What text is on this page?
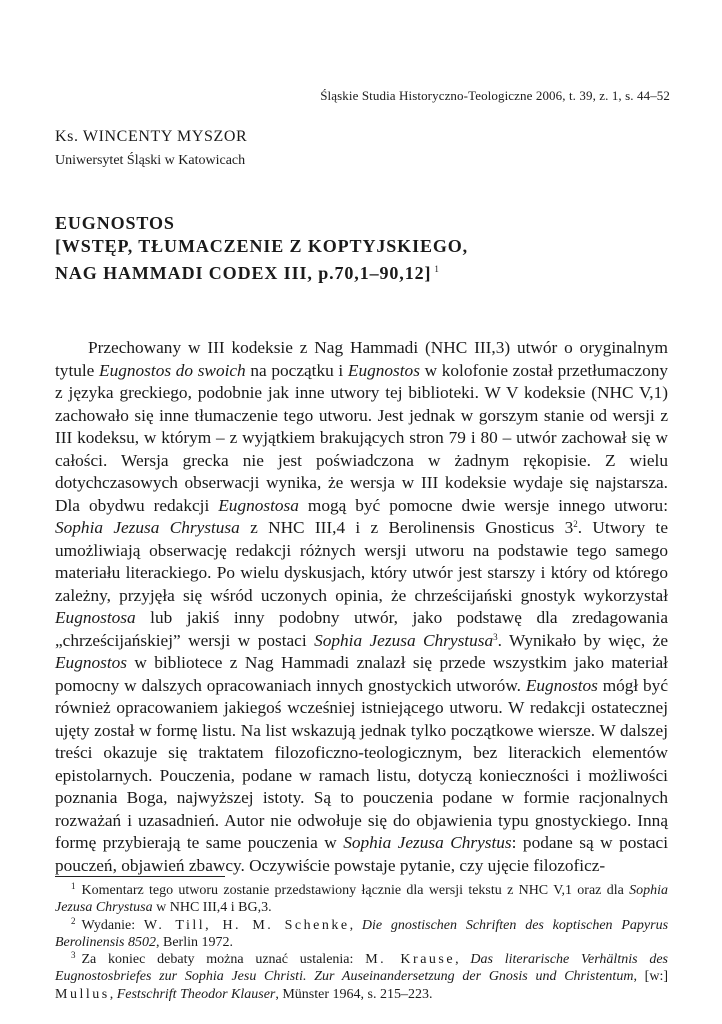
Śląskie Studia Historyczno-Teologiczne 2006, t. 39, z. 1, s. 44–52
Ks. WINCENTY MYSZOR
Uniwersytet Śląski w Katowicach
EUGNOSTOS
[WSTĘP, TŁUMACZENIE Z KOPTYJSKIEGO,
NAG HAMMADI CODEX III, p.70,1–90,12] $^1$

Przechowany w III kodeksie z Nag Hammadi (NHC III,3) utwór o oryginalnym tytule Eugnostos do swoich na początku i Eugnostos w kolofonie został przetłumaczony z języka greckiego, podobnie jak inne utwory tej biblioteki. W V kodeksie (NHC V,1) zachowało się inne tłumaczenie tego utworu. Jest jednak w gorszym stanie od wersji z III kodeksu, w którym – z wyjątkiem brakujących stron 79 i 80 – utwór zachował się w całości. Wersja grecka nie jest poświadczona w żadnym rękopisie. Z wielu dotychczasowych obserwacji wynika, że wersja w III kodeksie wydaje się najstarsza. Dla obydwu redakcji Eugnostosa mogą być pomocne dwie wersje innego utworu: Sophia Jezusa Chrystusa z NHC III,4 i z Berolinensis Gnosticus $3^2$. Utwory te umożliwiają obserwację redakcji różnych wersji utworu na podstawie tego samego materiału literackiego. Po wielu dyskusjach, który utwór jest starszy i który od którego zależny, przyjęła się wśród uczonych opinia, że chrześcijański gnostyk wykorzystał Eugnostosa lub jakiś inny podobny utwór, jako podstawę dla zredagowania „chrześcijańskiej” wersji w postaci Sophia Jezusa Chrystusa$^3$. Wynikało by więc, że Eugnostos w bibliotece z Nag Hammadi znalazł się przede wszystkim jako materiał pomocny w dalszych opracowaniach innych gnostyckich utworów. Eugnostos mógł być również opracowaniem jakiegoś wcześniej istniejącego utworu. W redakcji ostatecznej ujęty został w formę listu. Na list wskazują jednak tylko początkowe wiersze. W dalszej treści okazuje się traktatem filozoficzno-teologicznym, bez literackich elementów epistolarnych. Pouczenia, podane w ramach listu, dotyczą konieczności i możliwości poznania Boga, najwyższej istoty. Są to pouczenia podane w formie racjonalnych rozważań i uzasadnień. Autor nie odwołuje się do objawienia typu gnostyckiego. Inną formę przybierają te same pouczenia w Sophia Jezusa Chrystus: podane są w postaci pouczeń, objawień zbawcy. Oczywiście powstaje pytanie, czy ujęcie filozoficz-

$^1$ Komentarz tego utworu zostanie przedstawiony łącznie dla wersji tekstu z NHC V,1 oraz dla Sophia Jezusa Chrystusa w NHC III,4 i BG,3.
$^2$ Wydanie: W. Till, H. M. Schenke, Die gnostischen Schriften des koptischen Papyrus Berolinensis 8502, Berlin 1972.
$^3$ Za koniec debaty można uznać ustalenia: M. Krause, Das literarische Verhältnis des Eugnostosbriefes zur Sophia Jesu Christi. Zur Auseinandersetzung der Gnosis und Christentum, [w:] Mullus, Festschrift Theodor Klauser, Münster 1964, s. 215–223.
